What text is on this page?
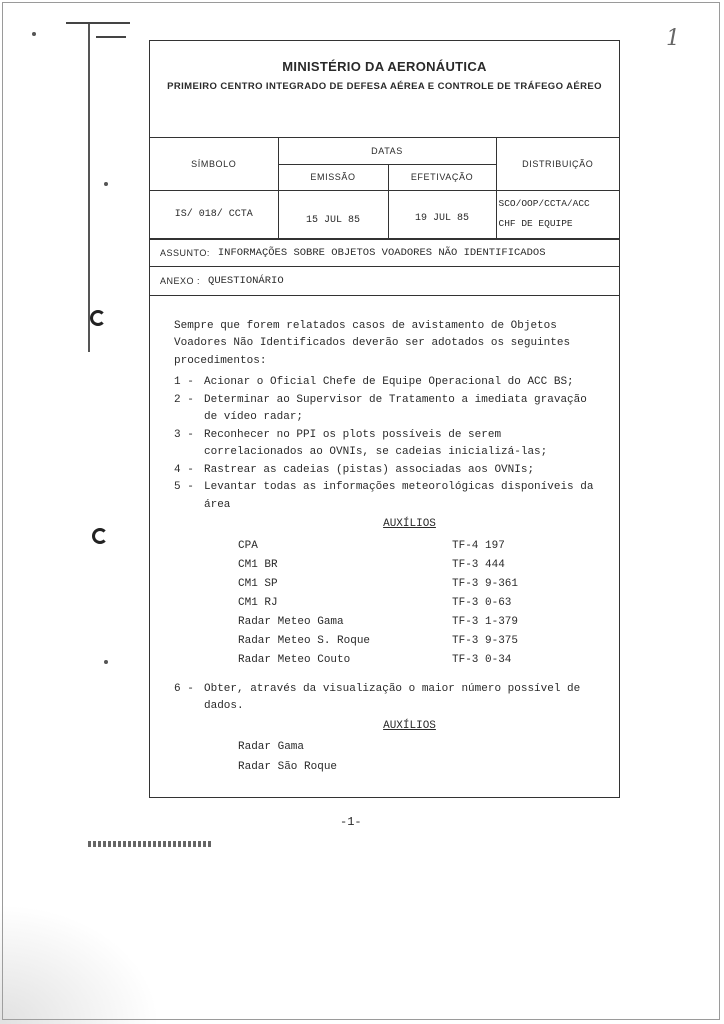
1
MINISTÉRIO DA AERONÁUTICA
PRIMEIRO CENTRO INTEGRADO DE DEFESA AÉREA E CONTROLE DE TRÁFEGO AÉREO
SÍMBOLO	DATAS		DISTRIBUIÇÃO
	EMISSÃO	EFETIVAÇÃO	
IS/ 018/ CCTA	15 JUL 85	19 JUL 85	SCO/OOP/CCTA/ACC
CHF DE EQUIPE
ASSUNTO: INFORMAÇÕES SOBRE OBJETOS VOADORES NÃO IDENTIFICADOS
ANEXO : QUESTIONÁRIO
Sempre que forem relatados casos de avistamento de Objetos Voadores Não Identificados deverão ser adotados os seguintes procedimentos:
1 - Acionar o Oficial Chefe de Equipe Operacional do ACC BS;
2 - Determinar ao Supervisor de Tratamento a imediata gravação de vídeo radar;
3 - Reconhecer no PPI os plots possíveis de serem correlacionados ao OVNIs, se cadeias inicializá-las;
4 - Rastrear as cadeias (pistas) associadas aos OVNIs;
5 - Levantar todas as informações meteorológicas disponíveis da área
AUXÍLIOS
CPA	TF-4 197
CM1 BR	TF-3 444
CM1 SP	TF-3 9-361
CM1 RJ	TF-3 0-63
Radar Meteo Gama	TF-3 1-379
Radar Meteo S. Roque	TF-3 9-375
Radar Meteo Couto	TF-3 0-34
6 - Obter, através da visualização o maior número possível de dados.
AUXÍLIOS
Radar Gama
Radar São Roque
-1-
